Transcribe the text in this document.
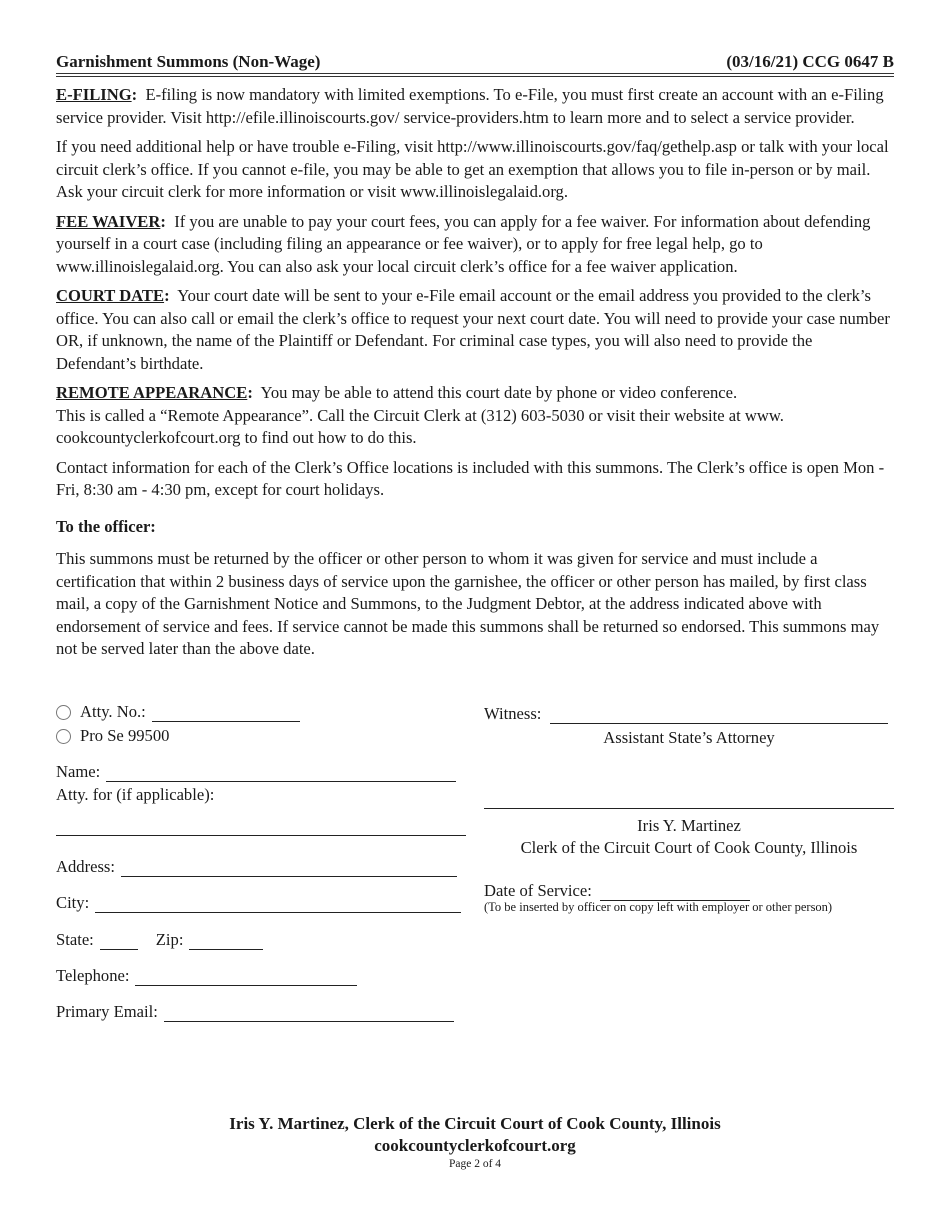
Garnishment Summons (Non-Wage)	(03/16/21) CCG 0647 B

E-FILING: E-filing is now mandatory with limited exemptions. To e-File, you must first create an account with an e-Filing service provider. Visit http://efile.illinoiscourts.gov/ service-providers.htm to learn more and to select a service provider.

If you need additional help or have trouble e-Filing, visit http://www.illinoiscourts.gov/faq/gethelp.asp or talk with your local circuit clerk’s office. If you cannot e-file, you may be able to get an exemption that allows you to file in-person or by mail. Ask your circuit clerk for more information or visit www.illinoislegalaid.org.

FEE WAIVER: If you are unable to pay your court fees, you can apply for a fee waiver. For information about defending yourself in a court case (including filing an appearance or fee waiver), or to apply for free legal help, go to www.illinoislegalaid.org. You can also ask your local circuit clerk’s office for a fee waiver application.

COURT DATE: Your court date will be sent to your e-File email account or the email address you provided to the clerk’s office. You can also call or email the clerk’s office to request your next court date. You will need to provide your case number OR, if unknown, the name of the Plaintiff or Defendant. For criminal case types, you will also need to provide the Defendant’s birthdate.

REMOTE APPEARANCE: You may be able to attend this court date by phone or video conference.
This is called a “Remote Appearance”. Call the Circuit Clerk at (312) 603-5030 or visit their website at www. cookcountyclerkofcourt.org to find out how to do this.

Contact information for each of the Clerk’s Office locations is included with this summons. The Clerk’s office is open Mon - Fri, 8:30 am - 4:30 pm, except for court holidays.

To the officer:

This summons must be returned by the officer or other person to whom it was given for service and must include a certification that within 2 business days of service upon the garnishee, the officer or other person has mailed, by first class mail, a copy of the Garnishment Notice and Summons, to the Judgment Debtor, at the address indicated above with endorsement of service and fees. If service cannot be made this summons shall be returned so endorsed. This summons may not be served later than the above date.

Atty. No.:
Pro Se 99500
Name:
Atty. for (if applicable):
Address:
City:
State:	Zip:
Telephone:
Primary Email:
Witness:
Assistant State’s Attorney
Iris Y. Martinez
Clerk of the Circuit Court of Cook County, Illinois
Date of Service:
(To be inserted by officer on copy left with employer or other person)
Iris Y. Martinez, Clerk of the Circuit Court of Cook County, Illinois
cookcountyclerkofcourt.org
Page 2 of 4
